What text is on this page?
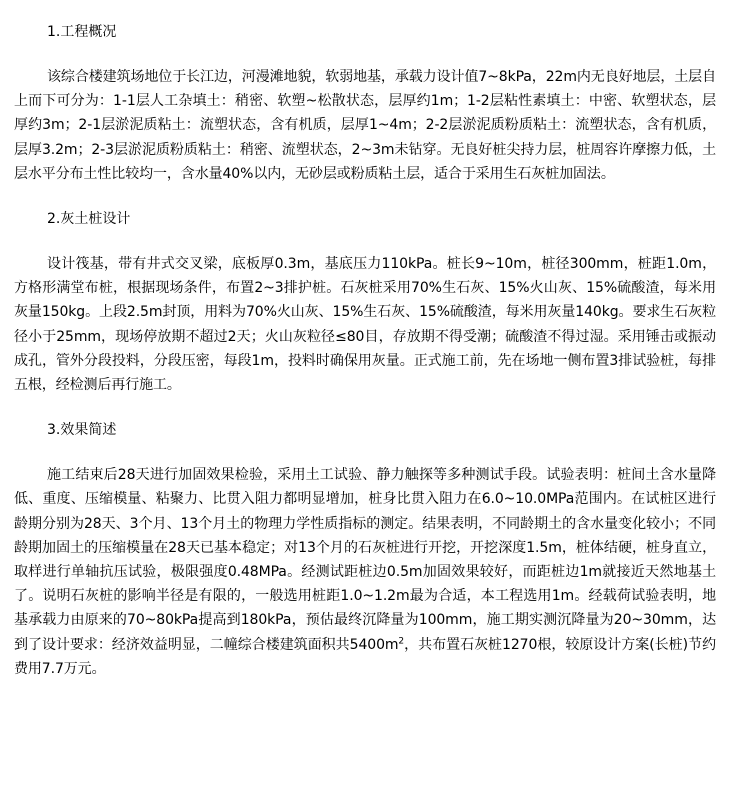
1.工程概况

该综合楼建筑场地位于长江边，河漫滩地貌，软弱地基，承载力设计值7~8kPa，22m内无良好地层，土层自上而下可分为：1-1层人工杂填土：稍密、软塑~松散状态，层厚约1m；1-2层粘性素填土：中密、软塑状态，层厚约3m；2-1层淤泥质粘土：流塑状态，含有机质，层厚1~4m；2-2层淤泥质粉质粘土：流塑状态，含有机质，层厚3.2m；2-3层淤泥质粉质粘土：稍密、流塑状态，2~3m未钻穿。无良好桩尖持力层，桩周容许摩擦力低，土层水平分布土性比较均一，含水量40%以内，无砂层或粉质粘土层，适合于采用生石灰桩加固法。

2.灰土桩设计

设计筏基，带有井式交叉梁，底板厚0.3m，基底压力110kPa。桩长9~10m，桩径300mm，桩距1.0m，方格形满堂布桩，根据现场条件，布置2~3排护桩。石灰桩采用70%生石灰、15%火山灰、15%硫酸渣，每米用灰量150kg。上段2.5m封顶，用料为70%火山灰、15%生石灰、15%硫酸渣，每米用灰量140kg。要求生石灰粒径小于25mm，现场停放期不超过2天；火山灰粒径≤80目，存放期不得受潮；硫酸渣不得过湿。采用锤击或振动成孔，管外分段投料，分段压密，每段1m，投料时确保用灰量。正式施工前，先在场地一侧布置3排试验桩，每排五根，经检测后再行施工。

3.效果简述

施工结束后28天进行加固效果检验，采用土工试验、静力触探等多种测试手段。试验表明：桩间土含水量降低、重度、压缩模量、粘聚力、比贯入阻力都明显增加，桩身比贯入阻力在6.0~10.0MPa范围内。在试桩区进行龄期分别为28天、3个月、13个月土的物理力学性质指标的测定。结果表明，不同龄期土的含水量变化较小；不同龄期加固土的压缩模量在28天已基本稳定；对13个月的石灰桩进行开挖，开挖深度1.5m，桩体结硬，桩身直立，取样进行单轴抗压试验，极限强度0.48MPa。经测试距桩边0.5m加固效果较好，而距桩边1m就接近天然地基土了。说明石灰桩的影响半径是有限的，一般选用桩距1.0~1.2m最为合适，本工程选用1m。经载荷试验表明，地基承载力由原来的70~80kPa提高到180kPa，预估最终沉降量为100mm，施工期实测沉降量为20~30mm，达到了设计要求：经济效益明显，二幢综合楼建筑面积共$5400m^2$，共布置石灰桩1270根，较原设计方案(长桩)节约费用7.7万元。
